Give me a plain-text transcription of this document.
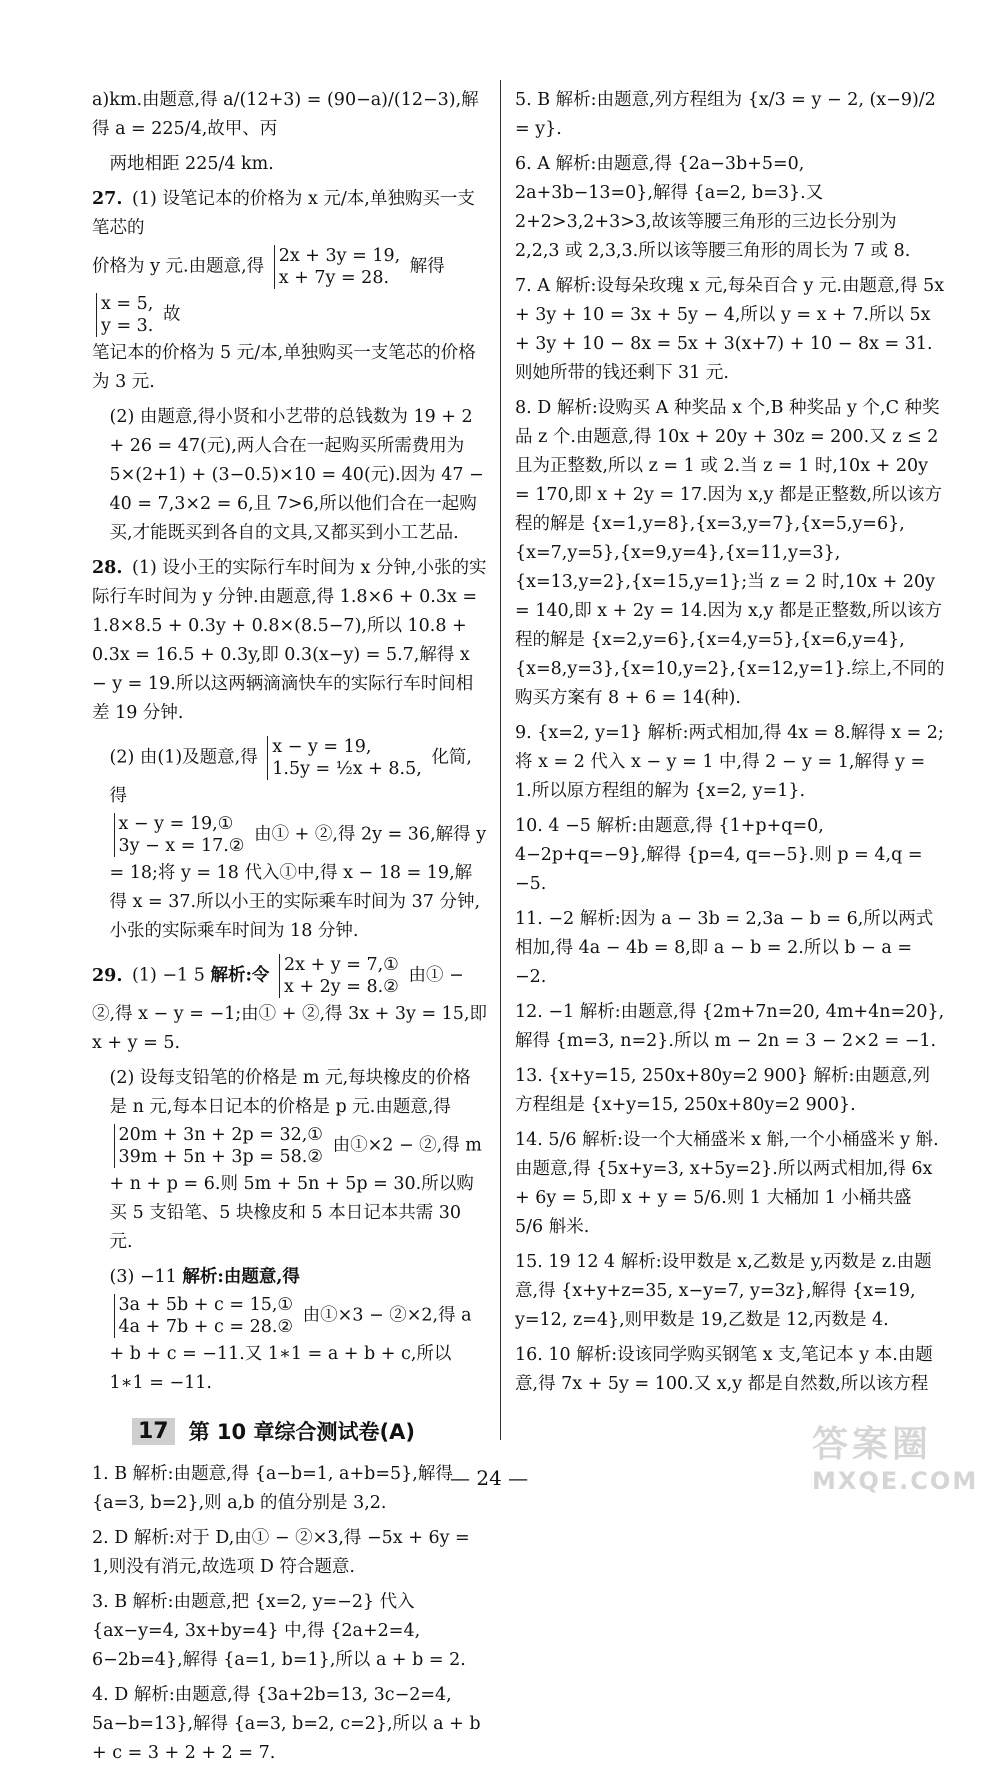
a)km.由题意,得 a/(12+3) = (90−a)/(12−3),解得 a = 225/4,故甲、丙

两地相距 225/4 km.

27. (1) 设笔记本的价格为 x 元/本,单独购买一支笔芯的
价格为 y 元.由题意,得 2x + 3y = 19,
x + 7y = 28. 解得 x = 5,
y = 3. 故
笔记本的价格为 5 元/本,单独购买一支笔芯的价格
为 3 元.

(2) 由题意,得小贤和小艺带的总钱数为 19 + 2 + 26 = 47(元),两人合在一起购买所需费用为 5×(2+1) + (3−0.5)×10 = 40(元).因为 47 − 40 = 7,3×2 = 6,且 7>6,所以他们合在一起购买,才能既买到各自的文具,又都买到小工艺品.

28. (1) 设小王的实际行车时间为 x 分钟,小张的实际行车时间为 y 分钟.由题意,得 1.8×6 + 0.3x = 1.8×8.5 + 0.3y + 0.8×(8.5−7),所以 10.8 + 0.3x = 16.5 + 0.3y,即 0.3(x−y) = 5.7,解得 x − y = 19.所以这两辆滴滴快车的实际行车时间相差 19 分钟.
(2) 由(1)及题意,得 x − y = 19,
1.5y = ½x + 8.5, 化简,得
x − y = 19,①
3y − x = 17.② 由① + ②,得 2y = 36,解得 y = 18;将 y = 18 代入①中,得 x − 18 = 19,解得 x = 37.所以小王的实际乘车时间为 37 分钟,小张的实际乘车时间为 18 分钟.
29. (1) −1 5 解析:令 2x + y = 7,①
x + 2y = 8.② 由① − ②,得 x − y = −1;由① + ②,得 3x + 3y = 15,即 x + y = 5.
(2) 设每支铅笔的价格是 m 元,每块橡皮的价格是 n 元,每本日记本的价格是 p 元.由题意,得
20m + 3n + 2p = 32,①
39m + 5n + 3p = 58.② 由①×2 − ②,得 m + n + p = 6.则 5m + 5n + 5p = 30.所以购买 5 支铅笔、5 块橡皮和 5 本日记本共需 30 元.
(3) −11 解析:由题意,得 3a + 5b + c = 15,①
4a + 7b + c = 28.② 由①×3 − ②×2,得 a + b + c = −11.又 1∗1 = a + b + c,所以 1∗1 = −11.
17 第 10 章综合测试卷(A)

1. B 解析:由题意,得 {a−b=1, a+b=5},解得 {a=3, b=2},则 a,b 的值分别是 3,2.

2. D 解析:对于 D,由① − ②×3,得 −5x + 6y = 1,则没有消元,故选项 D 符合题意.

3. B 解析:由题意,把 {x=2, y=−2} 代入 {ax−y=4, 3x+by=4} 中,得 {2a+2=4, 6−2b=4},解得 {a=1, b=1},所以 a + b = 2.

4. D 解析:由题意,得 {3a+2b=13, 3c−2=4, 5a−b=13},解得 {a=3, b=2, c=2},所以 a + b + c = 3 + 2 + 2 = 7.

5. B 解析:由题意,列方程组为 {x/3 = y − 2, (x−9)/2 = y}.

6. A 解析:由题意,得 {2a−3b+5=0, 2a+3b−13=0},解得 {a=2, b=3}.又 2+2>3,2+3>3,故该等腰三角形的三边长分别为 2,2,3 或 2,3,3.所以该等腰三角形的周长为 7 或 8.

7. A 解析:设每朵玫瑰 x 元,每朵百合 y 元.由题意,得 5x + 3y + 10 = 3x + 5y − 4,所以 y = x + 7.所以 5x + 3y + 10 − 8x = 5x + 3(x+7) + 10 − 8x = 31.则她所带的钱还剩下 31 元.

8. D 解析:设购买 A 种奖品 x 个,B 种奖品 y 个,C 种奖品 z 个.由题意,得 10x + 20y + 30z = 200.又 z ≤ 2 且为正整数,所以 z = 1 或 2.当 z = 1 时,10x + 20y = 170,即 x + 2y = 17.因为 x,y 都是正整数,所以该方程的解是 {x=1,y=8},{x=3,y=7},{x=5,y=6},{x=7,y=5},{x=9,y=4},{x=11,y=3},{x=13,y=2},{x=15,y=1};当 z = 2 时,10x + 20y = 140,即 x + 2y = 14.因为 x,y 都是正整数,所以该方程的解是 {x=2,y=6},{x=4,y=5},{x=6,y=4},{x=8,y=3},{x=10,y=2},{x=12,y=1}.综上,不同的购买方案有 8 + 6 = 14(种).

9. {x=2, y=1} 解析:两式相加,得 4x = 8.解得 x = 2;将 x = 2 代入 x − y = 1 中,得 2 − y = 1,解得 y = 1.所以原方程组的解为 {x=2, y=1}.

10. 4 −5 解析:由题意,得 {1+p+q=0, 4−2p+q=−9},解得 {p=4, q=−5}.则 p = 4,q = −5.

11. −2 解析:因为 a − 3b = 2,3a − b = 6,所以两式相加,得 4a − 4b = 8,即 a − b = 2.所以 b − a = −2.

12. −1 解析:由题意,得 {2m+7n=20, 4m+4n=20},解得 {m=3, n=2}.所以 m − 2n = 3 − 2×2 = −1.

13. {x+y=15, 250x+80y=2 900} 解析:由题意,列方程组是 {x+y=15, 250x+80y=2 900}.

14. 5/6 解析:设一个大桶盛米 x 斛,一个小桶盛米 y 斛.由题意,得 {5x+y=3, x+5y=2}.所以两式相加,得 6x + 6y = 5,即 x + y = 5/6.则 1 大桶加 1 小桶共盛 5/6 斛米.

15. 19 12 4 解析:设甲数是 x,乙数是 y,丙数是 z.由题意,得 {x+y+z=35, x−y=7, y=3z},解得 {x=19, y=12, z=4},则甲数是 19,乙数是 12,丙数是 4.

16. 10 解析:设该同学购买钢笔 x 支,笔记本 y 本.由题意,得 7x + 5y = 100.又 x,y 都是自然数,所以该方程

— 24 —
答案圈
MXQE.COM
